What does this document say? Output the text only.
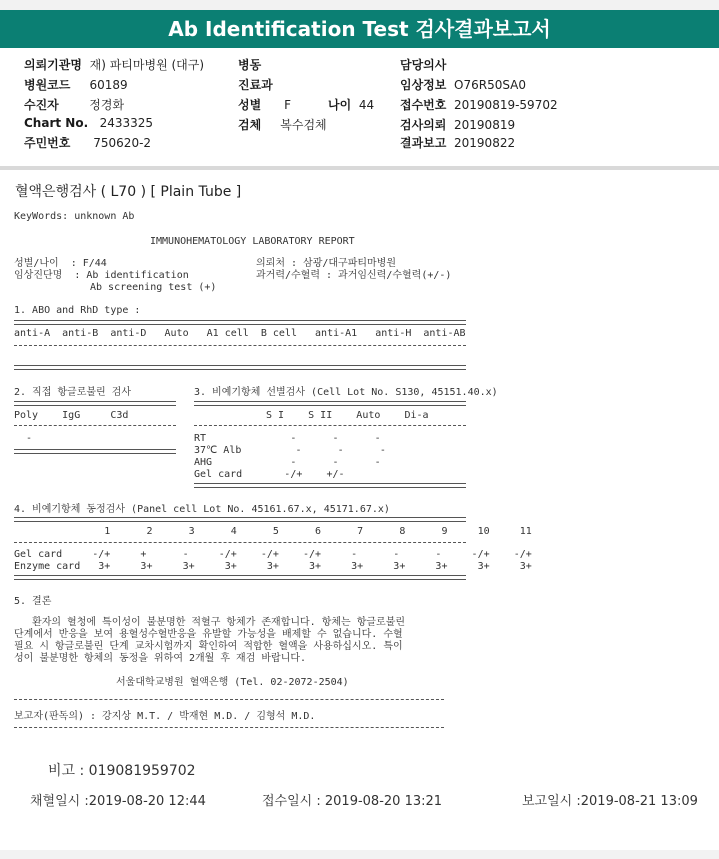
Ab Identification Test 검사결과보고서
의뢰기관명 재) 파티마병원 (대구)	병동	담당의사
병원코드 60189	진료과	임상정보 O76R50SA0
수진자	정경화	성별 F	나이 44 접수번호 20190819-59702
Chart No. 2433325	검체 복수검체	검사의뢰 20190819
주민번호 750620-2	결과보고 20190822
혈액은행검사 ( L70 ) [ Plain Tube ]
KeyWords: unknown Ab
IMMUNOHEMATOLOGY LABORATORY REPORT
성별/나이  : F/44
임상진단명  : Ab identification
Ab screening test (+)
의뢰처 : 삼광/대구파티마병원
과거력/수혈력 : 과거임신력/수혈력(+/-)
1. ABO and RhD type :
anti-A  anti-B  anti-D   Auto   A1 cell  B cell   anti-A1   anti-H  anti-AB
2. 직접 항글로불린 검사	3. 비예기항체 선별검사 (Cell Lot No. S130, 45151.40.x)
Poly    IgG     C3d	S I    S II    Auto    Di-a
-	RT              -      -      -
37℃ Alb         -      -      -
AHG             -      -      -
Gel card       -/+    +/-
4. 비예기항체 동정검사 (Panel cell Lot No. 45161.67.x, 45171.67.x)
1      2      3      4      5      6      7      8      9     10     11
Gel card     -/+     +      -     -/+    -/+    -/+     -      -      -     -/+    -/+
Enzyme card   3+     3+     3+     3+     3+     3+     3+     3+     3+     3+     3+
5. 결론
환자의 혈청에 특이성이 불분명한 적혈구 항체가 존재합니다. 항체는 항글로불린
단계에서 반응을 보여 용혈성수혈반응을 유발할 가능성을 배제할 수 없습니다. 수혈
필요 시 항글로불린 단계 교차시험까지 확인하여 적합한 혈액을 사용하십시오. 특이
성이 불분명한 항체의 동정을 위하여 2개월 후 재검 바랍니다.
서울대학교병원 혈액은행 (Tel. 02-2072-2504)
보고자(판독의) : 강지상 M.T. / 박재현 M.D. / 김형석 M.D.
비고 : 019081959702
채혈일시 :2019-08-20 12:44	접수일시 : 2019-08-20 13:21	보고일시 :2019-08-21 13:09
